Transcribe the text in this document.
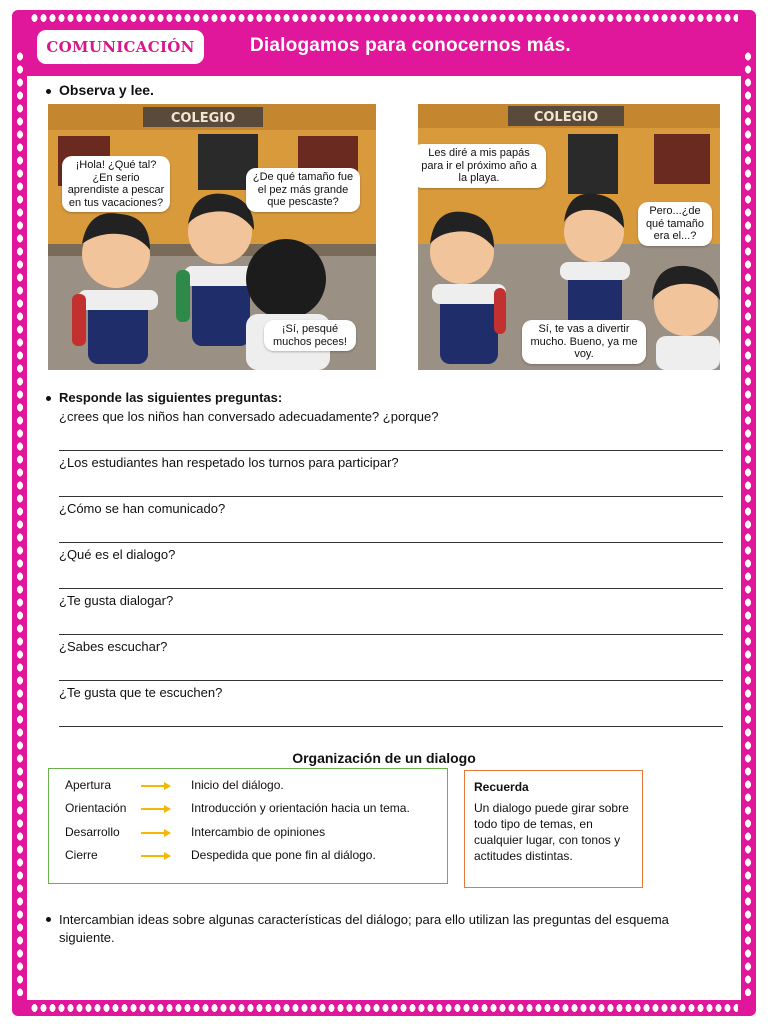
COMUNICACIÓN	Dialogamos para conocernos más.
Observa y lee.
COLEGIO
¡Hola! ¿Qué tal? ¿En serio aprendiste a pescar en tus vacaciones?
¿De qué tamaño fue el pez más grande que pescaste?
¡Sí, pesqué muchos peces!
COLEGIO
Les diré a mis papás para ir el próximo año a la playa.
Pero...¿de qué tamaño era el...?
Sí, te vas a divertir mucho. Bueno, ya me voy.
Responde las siguientes preguntas:
¿crees que los niños han conversado adecuadamente? ¿porque?
¿Los estudiantes han respetado los turnos para participar?
¿Cómo se han comunicado?
¿Qué es el dialogo?
¿Te gusta dialogar?
¿Sabes escuchar?
¿Te gusta que te escuchen?
Organización de un dialogo
Apertura	Inicio del diálogo.
Orientación	Introducción y orientación hacia un tema.
Desarrollo	Intercambio de opiniones
Cierre	Despedida que pone fin al diálogo.
Recuerda
Un dialogo puede girar sobre todo tipo de temas, en cualquier lugar, con tonos y actitudes distintas.
Intercambian ideas sobre algunas características del diálogo; para ello utilizan las preguntas del esquema siguiente.
